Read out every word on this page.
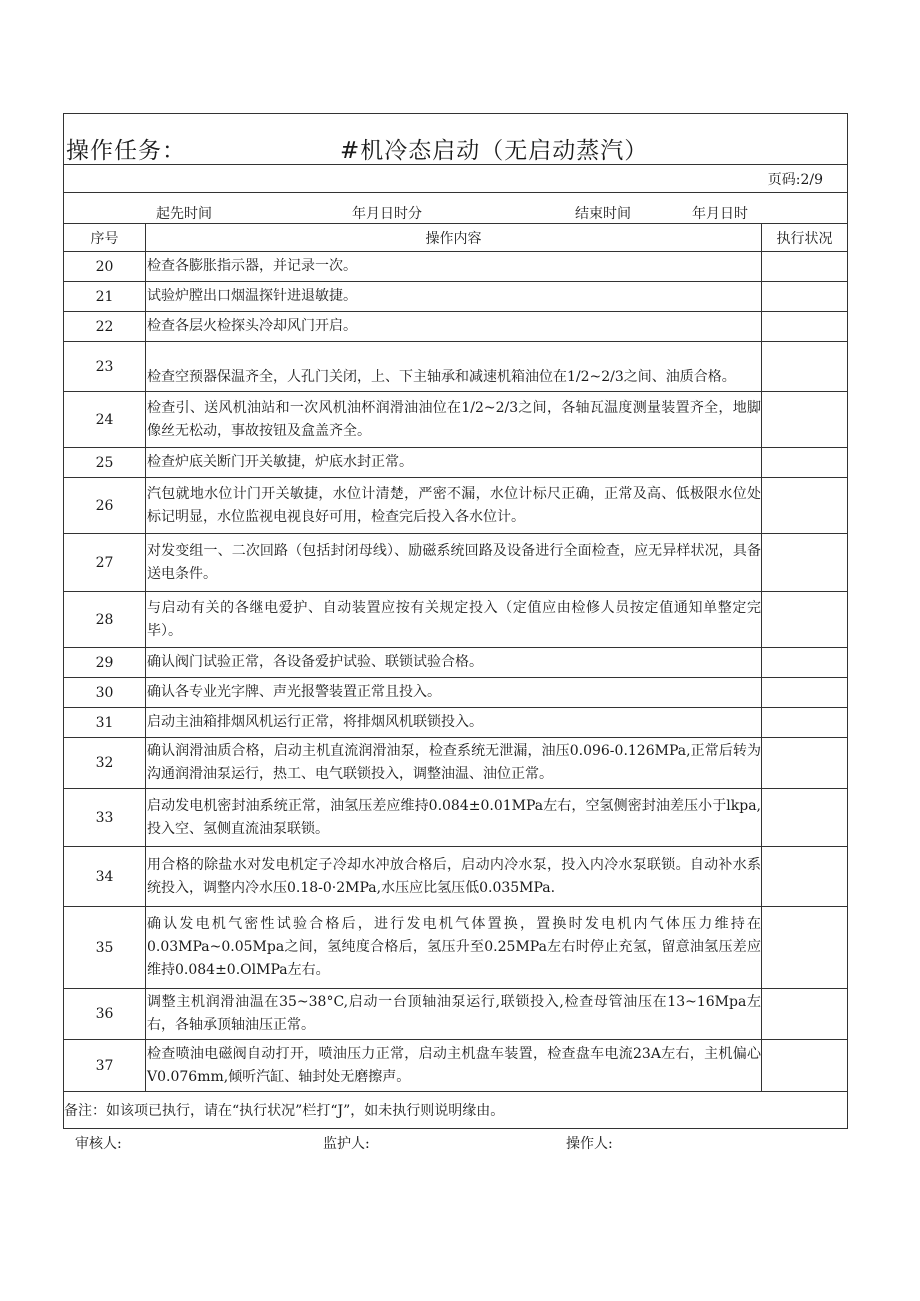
操作任务： #机冷态启动（无启动蒸汽）		

页码:2/9		

起先时间 年月日时分 结束时间 年月日时		

序号	操作内容	执行状况
20	检查各膨胀指示器，并记录一次。	
21	试验炉膛出口烟温探针进退敏捷。	
22	检查各层火检探头冷却风门开启。	
23	检查空预器保温齐全，人孔门关闭，上、下主轴承和减速机箱油位在1/2~2/3之间、油质合格。	
24	检查引、送风机油站和一次风机油杯润滑油油位在1/2~2/3之间，各轴瓦温度测量装置齐全，地脚像丝无松动，事故按钮及盒盖齐全。	
25	检查炉底关断门开关敏捷，炉底水封正常。	
26	汽包就地水位计门开关敏捷，水位计清楚，严密不漏，水位计标尺正确，正常及高、低极限水位处标记明显，水位监视电视良好可用，检查完后投入各水位计。	
27	对发变组一、二次回路（包括封闭母线）、励磁系统回路及设备进行全面检查，应无异样状况，具备送电条件。	
28	与启动有关的各继电爱护、自动装置应按有关规定投入（定值应由检修人员按定值通知单整定完毕）。	
29	确认阀门试验正常，各设备爱护试验、联锁试验合格。	
30	确认各专业光字牌、声光报警装置正常且投入。	
31	启动主油箱排烟风机运行正常，将排烟风机联锁投入。	
32	确认润滑油质合格，启动主机直流润滑油泵，检查系统无泄漏，油压0.096-0.126MPa,正常后转为沟通润滑油泵运行，热工、电气联锁投入，调整油温、油位正常。	
33	启动发电机密封油系统正常，油氢压差应维持0.084±0.01MPa左右，空氢侧密封油差压小于lkpa,投入空、氢侧直流油泵联锁。	
34	用合格的除盐水对发电机定子冷却水冲放合格后，启动内冷水泵，投入内冷水泵联锁。自动补水系统投入，调整内冷水压0.18-0·2MPa,水压应比氢压低0.035MPa.	
35	确认发电机气密性试验合格后，进行发电机气体置换，置换时发电机内气体压力维持在0.03MPa~0.05Mpa之间，氢纯度合格后，氢压升至0.25MPa左右时停止充氢，留意油氢压差应维持0.084±0.OlMPa左右。	
36	调整主机润滑油温在35~38°C,启动一台顶轴油泵运行,联锁投入,检查母管油压在13~16Mpa左右，各轴承顶轴油压正常。	
37	检查喷油电磁阀自动打开，喷油压力正常，启动主机盘车装置，检查盘车电流23A左右，主机偏心V0.076mm,倾听汽缸、轴封处无磨擦声。	
备注：如该项已执行，请在“执行状况”栏打“J”，如未执行则说明缘由。		
审核人:	监护人:	操作人:
